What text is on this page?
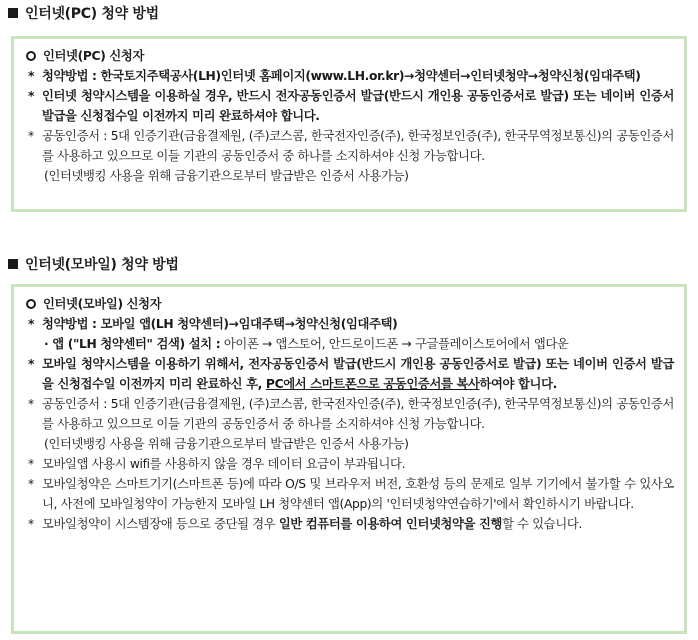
인터넷(PC) 청약 방법
인터넷(PC) 신청자
* 청약방법 : 한국토지주택공사(LH)인터넷 홈페이지(www.LH.or.kr)→청약센터→인터넷청약→청약신청(임대주택)
* 인터넷 청약시스템을 이용하실 경우, 반드시 전자공동인증서 발급(반드시 개인용 공동인증서로 발급) 또는 네이버 인증서 발급을 신청접수일 이전까지 미리 완료하셔야 합니다.
* 공동인증서 : 5대 인증기관(금융결제원, (주)코스콤, 한국전자인증(주), 한국정보인증(주), 한국무역정보통신)의 공동인증서를 사용하고 있으므로 이들 기관의 공동인증서 중 하나를 소지하셔야 신청 가능합니다.
(인터넷뱅킹 사용을 위해 금융기관으로부터 발급받은 인증서 사용가능)
인터넷(모바일) 청약 방법
인터넷(모바일) 신청자
* 청약방법 : 모바일 앱(LH 청약센터)→임대주택→청약신청(임대주택)
· 앱 ("LH 청약센터" 검색) 설치 : 아이폰 → 앱스토어, 안드로이드폰 → 구글플레이스토어에서 앱다운
* 모바일 청약시스템을 이용하기 위해서, 전자공동인증서 발급(반드시 개인용 공동인증서로 발급) 또는 네이버 인증서 발급을 신청접수일 이전까지 미리 완료하신 후, PC에서 스마트폰으로 공동인증서를 복사하여야 합니다.
* 공동인증서 : 5대 인증기관(금융결제원, (주)코스콤, 한국전자인증(주), 한국정보인증(주), 한국무역정보통신)의 공동인증서를 사용하고 있으므로 이들 기관의 공동인증서 중 하나를 소지하셔야 신청 가능합니다.
(인터넷뱅킹 사용을 위해 금융기관으로부터 발급받은 인증서 사용가능)
* 모바일앱 사용시 wifi를 사용하지 않을 경우 데이터 요금이 부과됩니다.
* 모바일청약은 스마트기기(스마트폰 등)에 따라 O/S 및 브라우저 버전, 호환성 등의 문제로 일부 기기에서 불가할 수 있사오니, 사전에 모바일청약이 가능한지 모바일 LH 청약센터 앱(App)의 '인터넷청약연습하기'에서 확인하시기 바랍니다.
* 모바일청약이 시스템장애 등으로 중단될 경우 일반 컴퓨터를 이용하여 인터넷청약을 진행할 수 있습니다.
